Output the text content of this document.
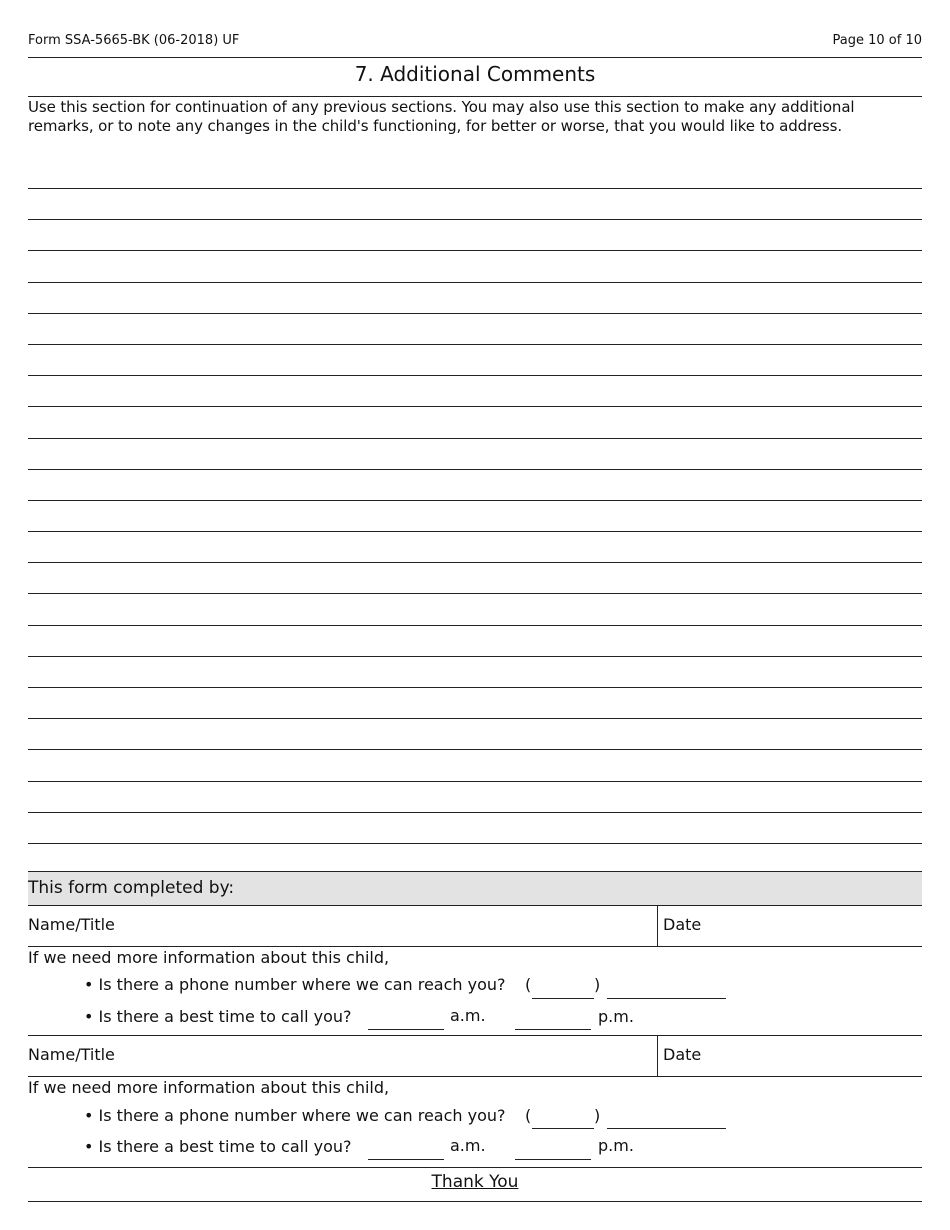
Form SSA-5665-BK (06-2018) UF	Page 10 of 10
7. Additional Comments
Use this section for continuation of any previous sections. You may also use this section to make any additional remarks, or to note any changes in the child's functioning, for better or worse, that you would like to address.
This form completed by:
Name/Title	Date
If we need more information about this child,
• Is there a phone number where we can reach you? (	)
• Is there a best time to call you?	a.m.	p.m.
Name/Title	Date
If we need more information about this child,
• Is there a phone number where we can reach you? (	)
• Is there a best time to call you?	a.m.	p.m.
Thank You
